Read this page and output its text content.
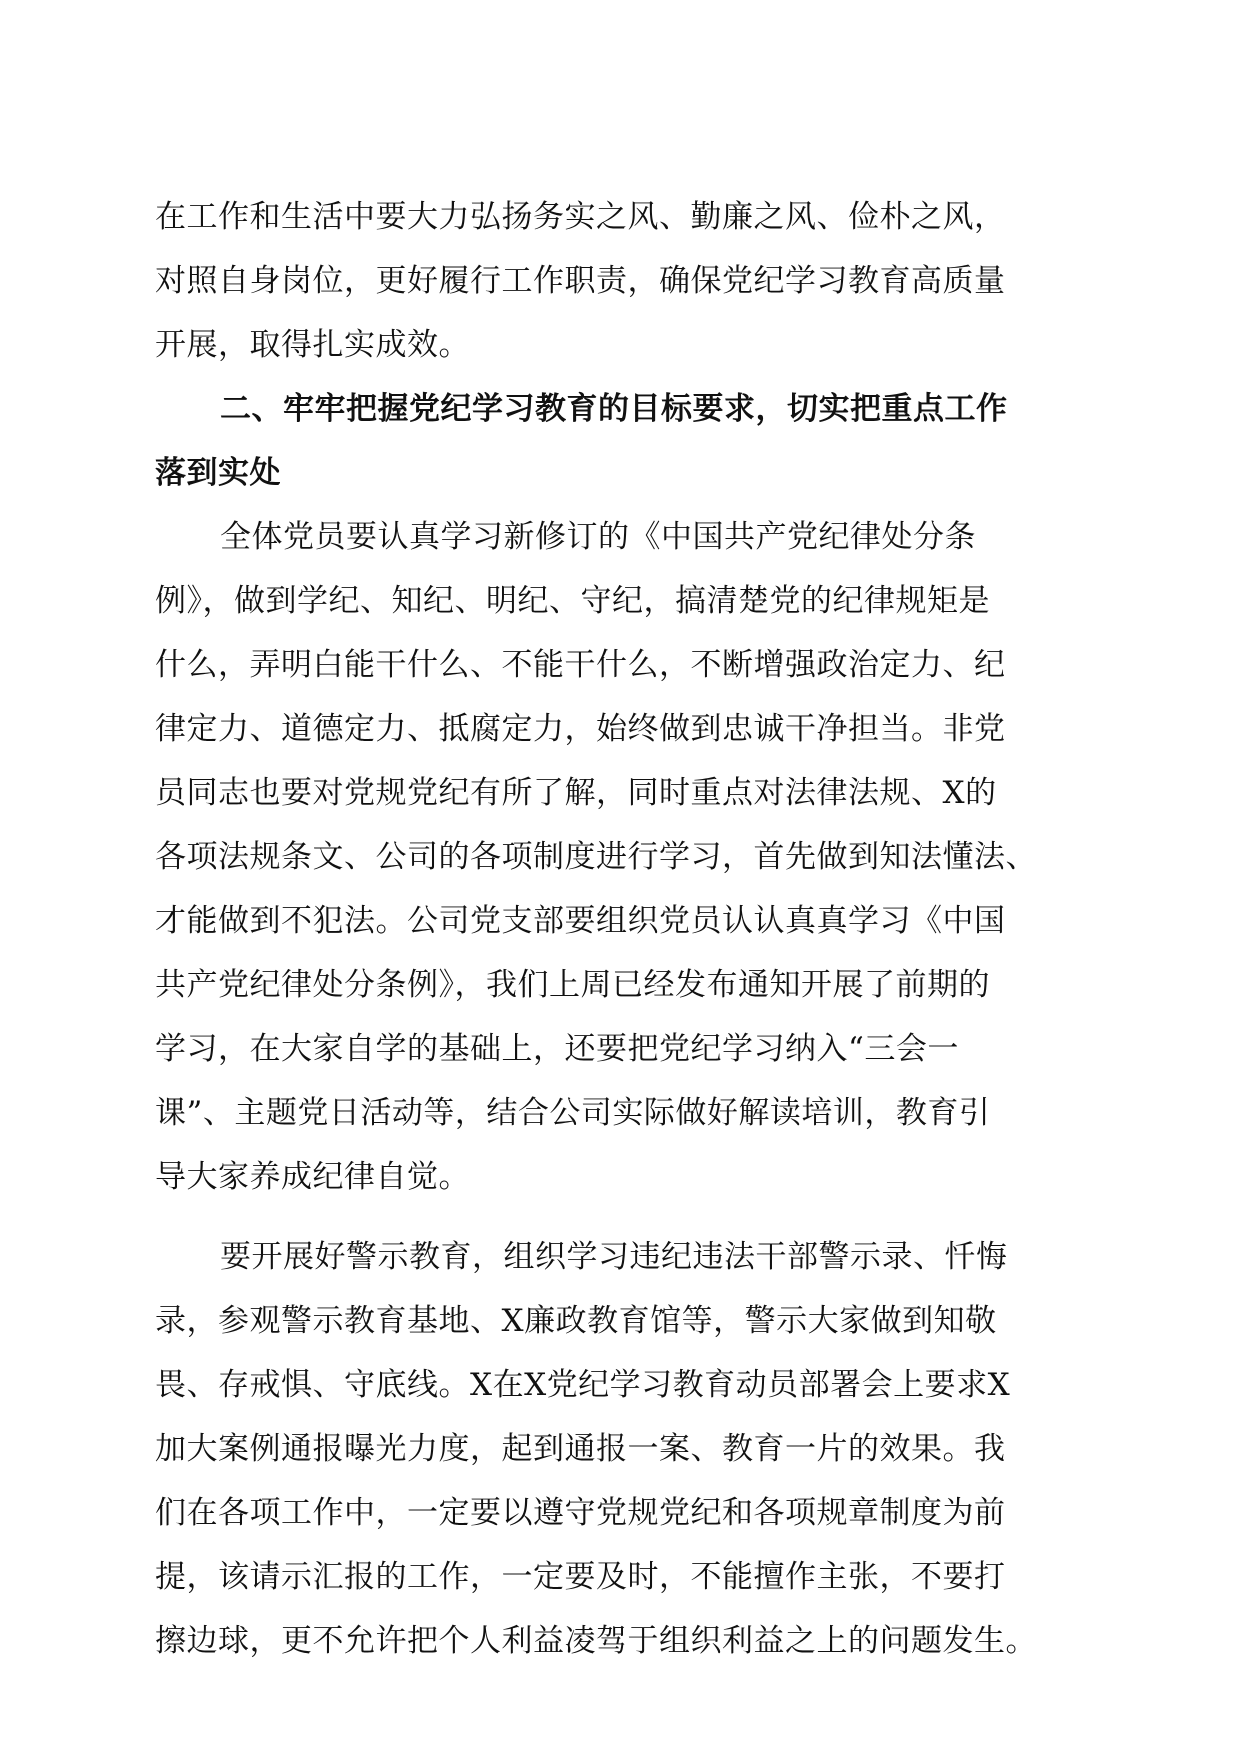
在工作和生活中要大力弘扬务实之风、勤廉之风、俭朴之风，
对照自身岗位，更好履行工作职责，确保党纪学习教育高质量
开展，取得扎实成效。
二、牢牢把握党纪学习教育的目标要求，切实把重点工作
落到实处
全体党员要认真学习新修订的《中国共产党纪律处分条
例》，做到学纪、知纪、明纪、守纪，搞清楚党的纪律规矩是
什么，弄明白能干什么、不能干什么，不断增强政治定力、纪
律定力、道德定力、抵腐定力，始终做到忠诚干净担当。非党
员同志也要对党规党纪有所了解，同时重点对法律法规、X的
各项法规条文、公司的各项制度进行学习，首先做到知法懂法、
才能做到不犯法。公司党支部要组织党员认认真真学习《中国
共产党纪律处分条例》，我们上周已经发布通知开展了前期的
学习，在大家自学的基础上，还要把党纪学习纳入“三会一
课”、主题党日活动等，结合公司实际做好解读培训，教育引
导大家养成纪律自觉。
要开展好警示教育，组织学习违纪违法干部警示录、忏悔
录，参观警示教育基地、X廉政教育馆等，警示大家做到知敬
畏、存戒惧、守底线。X在X党纪学习教育动员部署会上要求X
加大案例通报曝光力度，起到通报一案、教育一片的效果。我
们在各项工作中，一定要以遵守党规党纪和各项规章制度为前
提，该请示汇报的工作，一定要及时，不能擅作主张，不要打
擦边球，更不允许把个人利益凌驾于组织利益之上的问题发生。
